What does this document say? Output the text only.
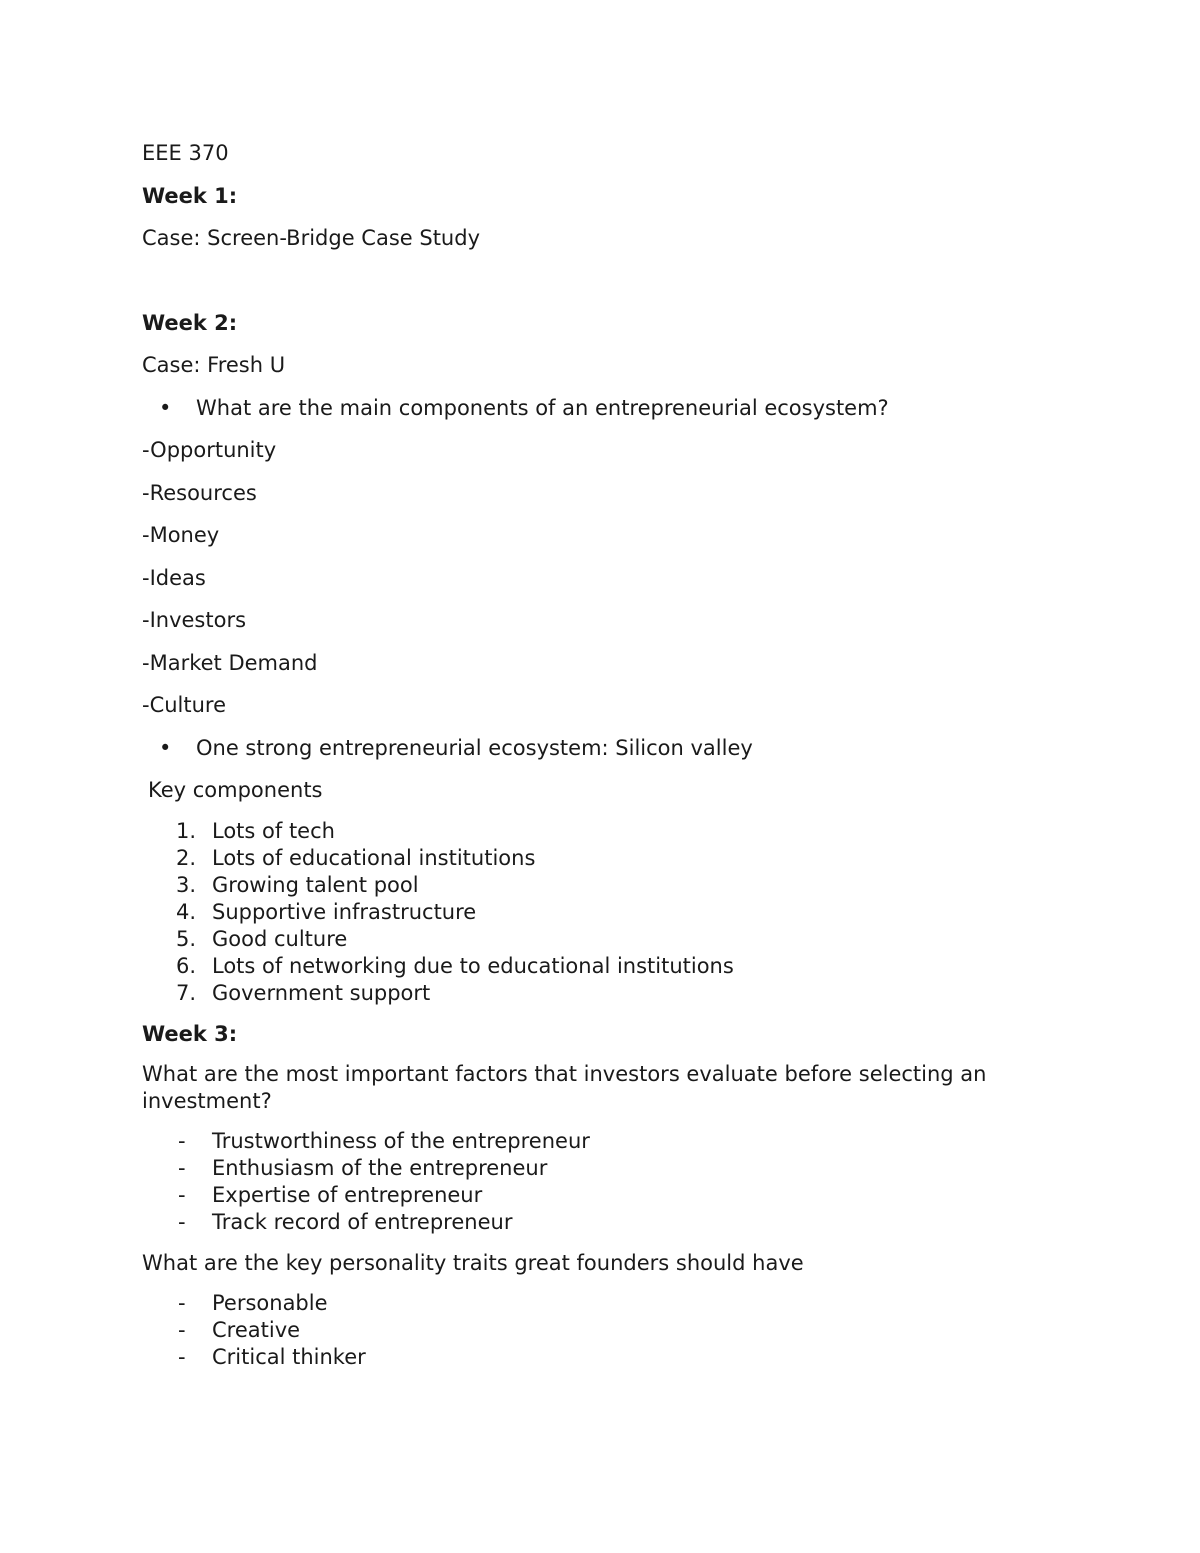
EEE 370
Week 1:
Case: Screen-Bridge Case Study
Week 2:
Case: Fresh U
• What are the main components of an entrepreneurial ecosystem?
-Opportunity
-Resources
-Money
-Ideas
-Investors
-Market Demand
-Culture
• One strong entrepreneurial ecosystem: Silicon valley
Key components
1. Lots of tech
2. Lots of educational institutions
3. Growing talent pool
4. Supportive infrastructure
5. Good culture
6. Lots of networking due to educational institutions
7. Government support
Week 3:
What are the most important factors that investors evaluate before selecting an investment?
- Trustworthiness of the entrepreneur
- Enthusiasm of the entrepreneur
- Expertise of entrepreneur
- Track record of entrepreneur
What are the key personality traits great founders should have
- Personable
- Creative
- Critical thinker
